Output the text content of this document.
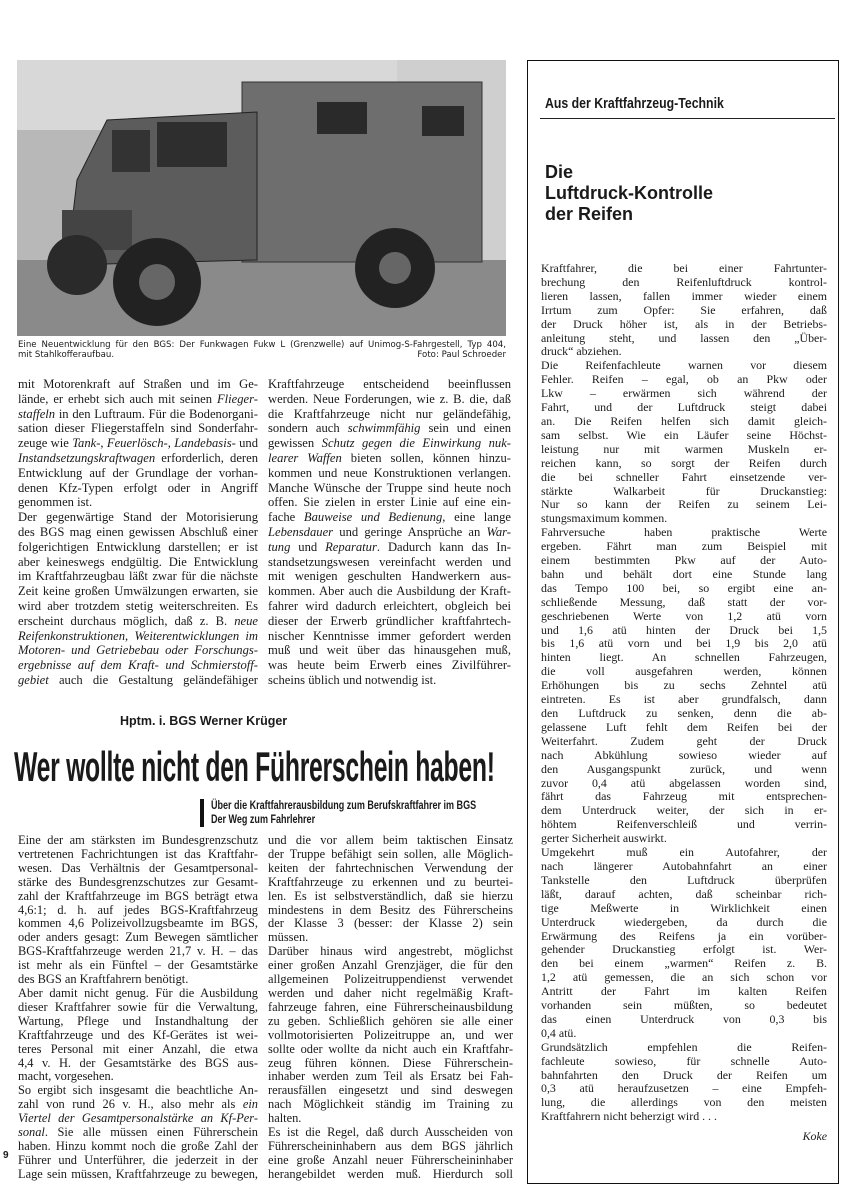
Eine Neuentwicklung für den BGS: Der Funkwagen Fukw L (Grenzwelle) auf Unimog-S-Fahrgestell, Typ 404,
mit Stahlkofferaufbau.	Foto: Paul Schroeder
mit Motorenkraft auf Straßen und im Ge-
lände, er erhebt sich auch mit seinen Flieger-
staffeln in den Luftraum. Für die Bodenorgani-
sation dieser Fliegerstaffeln sind Sonderfahr-
zeuge wie Tank-, Feuerlösch-, Landebasis- und
Instandsetzungskraftwagen erforderlich, deren
Entwicklung auf der Grundlage der vorhan-
denen Kfz-Typen erfolgt oder in Angriff
genommen ist.
Der gegenwärtige Stand der Motorisierung
des BGS mag einen gewissen Abschluß einer
folgerichtigen Entwicklung darstellen; er ist
aber keineswegs endgültig. Die Entwicklung
im Kraftfahrzeugbau läßt zwar für die nächste
Zeit keine großen Umwälzungen erwarten, sie
wird aber trotzdem stetig weiterschreiten. Es
erscheint durchaus möglich, daß z. B. neue
Reifenkonstruktionen, Weiterentwicklungen im
Motoren- und Getriebebau oder Forschungs-
ergebnisse auf dem Kraft- und Schmierstoff-
gebiet auch die Gestaltung geländefähiger
Kraftfahrzeuge entscheidend beeinflussen
werden. Neue Forderungen, wie z. B. die, daß
die Kraftfahrzeuge nicht nur geländefähig,
sondern auch schwimmfähig sein und einen
gewissen Schutz gegen die Einwirkung nuk-
learer Waffen bieten sollen, können hinzu-
kommen und neue Konstruktionen verlangen.
Manche Wünsche der Truppe sind heute noch
offen. Sie zielen in erster Linie auf eine ein-
fache Bauweise und Bedienung, eine lange
Lebensdauer und geringe Ansprüche an War-
tung und Reparatur. Dadurch kann das In-
standsetzungswesen vereinfacht werden und
mit wenigen geschulten Handwerkern aus-
kommen. Aber auch die Ausbildung der Kraft-
fahrer wird dadurch erleichtert, obgleich bei
dieser der Erwerb gründlicher kraftfahrtech-
nischer Kenntnisse immer gefordert werden
muß und weit über das hinausgehen muß,
was heute beim Erwerb eines Zivilführer-
scheins üblich und notwendig ist.
Hptm. i. BGS Werner Krüger
Wer wollte nicht den Führerschein haben!
Über die Kraftfahrerausbildung zum Berufskraftfahrer im BGS
Der Weg zum Fahrlehrer
Eine der am stärksten im Bundesgrenzschutz
vertretenen Fachrichtungen ist das Kraftfahr-
wesen. Das Verhältnis der Gesamtpersonal-
stärke des Bundesgrenzschutzes zur Gesamt-
zahl der Kraftfahrzeuge im BGS beträgt etwa
4,6:1; d. h. auf jedes BGS-Kraftfahrzeug
kommen 4,6 Polizeivollzugsbeamte im BGS,
oder anders gesagt: Zum Bewegen sämtlicher
BGS-Kraftfahrzeuge werden 21,7 v. H. – das
ist mehr als ein Fünftel – der Gesamtstärke
des BGS an Kraftfahrern benötigt.
Aber damit nicht genug. Für die Ausbildung
dieser Kraftfahrer sowie für die Verwaltung,
Wartung, Pflege und Instandhaltung der
Kraftfahrzeuge und des Kf-Gerätes ist wei-
teres Personal mit einer Anzahl, die etwa
4,4 v. H. der Gesamtstärke des BGS aus-
macht, vorgesehen.
So ergibt sich insgesamt die beachtliche An-
zahl von rund 26 v. H., also mehr als ein
Viertel der Gesamtpersonalstärke an Kf-Per-
sonal. Sie alle müssen einen Führerschein
haben. Hinzu kommt noch die große Zahl der
Führer und Unterführer, die jederzeit in der
Lage sein müssen, Kraftfahrzeuge zu bewegen,
und die vor allem beim taktischen Einsatz
der Truppe befähigt sein sollen, alle Möglich-
keiten der fahrtechnischen Verwendung der
Kraftfahrzeuge zu erkennen und zu beurtei-
len. Es ist selbstverständlich, daß sie hierzu
mindestens in dem Besitz des Führerscheins
der Klasse 3 (besser: der Klasse 2) sein
müssen.
Darüber hinaus wird angestrebt, möglichst
einer großen Anzahl Grenzjäger, die für den
allgemeinen Polizeitruppendienst verwendet
werden und daher nicht regelmäßig Kraft-
fahrzeuge fahren, eine Führerscheinausbildung
zu geben. Schließlich gehören sie alle einer
vollmotorisierten Polizeitruppe an, und wer
sollte oder wollte da nicht auch ein Kraftfahr-
zeug führen können. Diese Führerschein-
inhaber werden zum Teil als Ersatz bei Fah-
rerausfällen eingesetzt und sind deswegen
nach Möglichkeit ständig im Training zu
halten.
Es ist die Regel, daß durch Ausscheiden von
Führerscheininhabern aus dem BGS jährlich
eine große Anzahl neuer Führerscheininhaber
herangebildet werden muß. Hierdurch soll
9
Aus der Kraftfahrzeug-Technik
Die
Luftdruck-Kontrolle
der Reifen
Kraftfahrer, die bei einer Fahrtunter-
brechung den Reifenluftdruck kontrol-
lieren lassen, fallen immer wieder einem
Irrtum zum Opfer: Sie erfahren, daß
der Druck höher ist, als in der Betriebs-
anleitung steht, und lassen den „Über-
druck“ abziehen.
Die Reifenfachleute warnen vor diesem
Fehler. Reifen – egal, ob an Pkw oder
Lkw – erwärmen sich während der
Fahrt, und der Luftdruck steigt dabei
an. Die Reifen helfen sich damit gleich-
sam selbst. Wie ein Läufer seine Höchst-
leistung nur mit warmen Muskeln er-
reichen kann, so sorgt der Reifen durch
die bei schneller Fahrt einsetzende ver-
stärkte Walkarbeit für Druckanstieg:
Nur so kann der Reifen zu seinem Lei-
stungsmaximum kommen.
Fahrversuche haben praktische Werte
ergeben. Fährt man zum Beispiel mit
einem bestimmten Pkw auf der Auto-
bahn und behält dort eine Stunde lang
das Tempo 100 bei, so ergibt eine an-
schließende Messung, daß statt der vor-
geschriebenen Werte von 1,2 atü vorn
und 1,6 atü hinten der Druck bei 1,5
bis 1,6 atü vorn und bei 1,9 bis 2,0 atü
hinten liegt. An schnellen Fahrzeugen,
die voll ausgefahren werden, können
Erhöhungen bis zu sechs Zehntel atü
eintreten. Es ist aber grundfalsch, dann
den Luftdruck zu senken, denn die ab-
gelassene Luft fehlt dem Reifen bei der
Weiterfahrt. Zudem geht der Druck
nach Abkühlung sowieso wieder auf
den Ausgangspunkt zurück, und wenn
zuvor 0,4 atü abgelassen worden sind,
fährt das Fahrzeug mit entsprechen-
dem Unterdruck weiter, der sich in er-
höhtem Reifenverschleiß und verrin-
gerter Sicherheit auswirkt.
Umgekehrt muß ein Autofahrer, der
nach längerer Autobahnfahrt an einer
Tankstelle den Luftdruck überprüfen
läßt, darauf achten, daß scheinbar rich-
tige Meßwerte in Wirklichkeit einen
Unterdruck wiedergeben, da durch die
Erwärmung des Reifens ja ein vorüber-
gehender Druckanstieg erfolgt ist. Wer-
den bei einem „warmen“ Reifen z. B.
1,2 atü gemessen, die an sich schon vor
Antritt der Fahrt im kalten Reifen
vorhanden sein müßten, so bedeutet
das einen Unterdruck von 0,3 bis
0,4 atü.
Grundsätzlich empfehlen die Reifen-
fachleute sowieso, für schnelle Auto-
bahnfahrten den Druck der Reifen um
0,3 atü heraufzusetzen – eine Empfeh-
lung, die allerdings von den meisten
Kraftfahrern nicht beherzigt wird . . .
Koke
